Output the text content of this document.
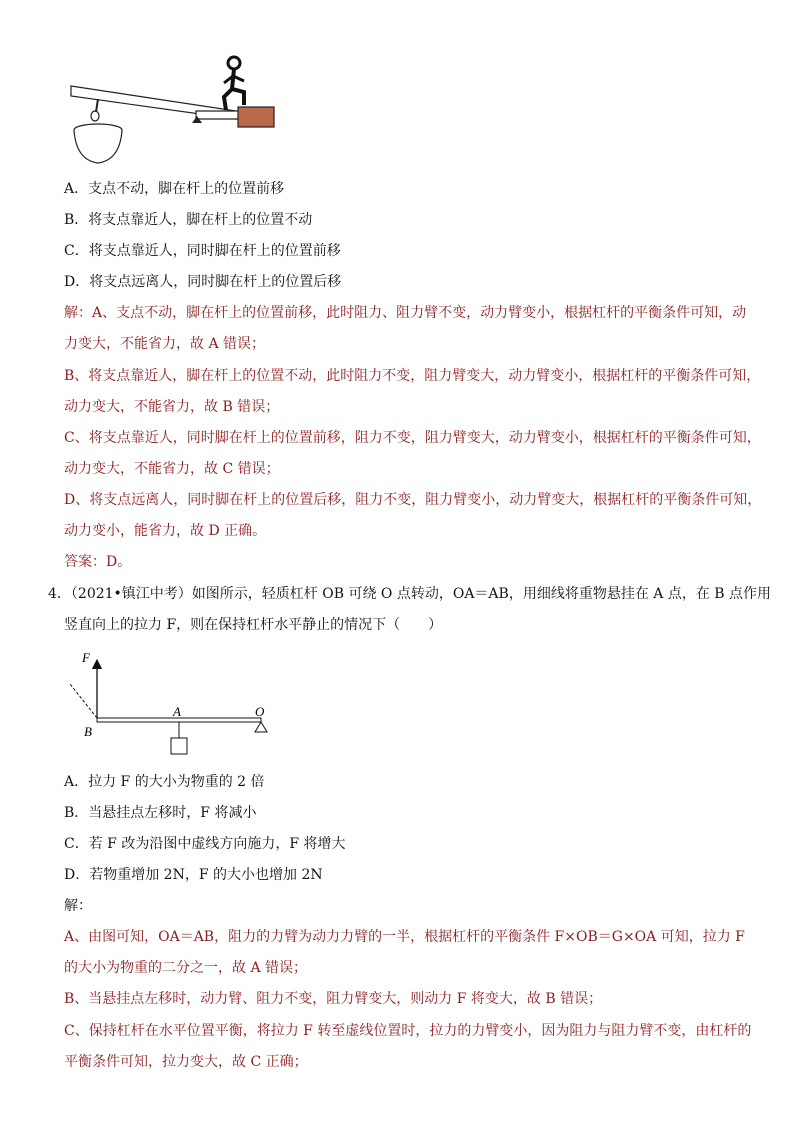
A．支点不动，脚在杆上的位置前移
B．将支点靠近人，脚在杆上的位置不动
C．将支点靠近人，同时脚在杆上的位置前移
D．将支点远离人，同时脚在杆上的位置后移
解：A、支点不动，脚在杆上的位置前移，此时阻力、阻力臂不变，动力臂变小，根据杠杆的平衡条件可知，动
力变大，不能省力，故 A 错误；
B、将支点靠近人，脚在杆上的位置不动，此时阻力不变，阻力臂变大，动力臂变小，根据杠杆的平衡条件可知，
动力变大，不能省力，故 B 错误；
C、将支点靠近人，同时脚在杆上的位置前移，阻力不变，阻力臂变大，动力臂变小，根据杠杆的平衡条件可知，
动力变大，不能省力，故 C 错误；
D、将支点远离人，同时脚在杆上的位置后移，阻力不变，阻力臂变小，动力臂变大，根据杠杆的平衡条件可知，
动力变小，能省力，故 D 正确。
答案：D。
4．（2021•镇江中考）如图所示，轻质杠杆 OB 可绕 O 点转动，OA＝AB，用细线将重物悬挂在 A 点，在 B 点作用
竖直向上的拉力 F，则在保持杠杆水平静止的情况下（　　）
F
A	O
B
A．拉力 F 的大小为物重的 2 倍
B．当悬挂点左移时，F 将减小
C．若 F 改为沿图中虚线方向施力，F 将增大
D．若物重增加 2N，F 的大小也增加 2N
解：
A、由图可知，OA＝AB，阻力的力臂为动力力臂的一半，根据杠杆的平衡条件 F×OB＝G×OA 可知，拉力 F
的大小为物重的二分之一，故 A 错误；
B、当悬挂点左移时，动力臂、阻力不变，阻力臂变大，则动力 F 将变大，故 B 错误；
C、保持杠杆在水平位置平衡，将拉力 F 转至虚线位置时，拉力的力臂变小，因为阻力与阻力臂不变，由杠杆的
平衡条件可知，拉力变大，故 C 正确；
